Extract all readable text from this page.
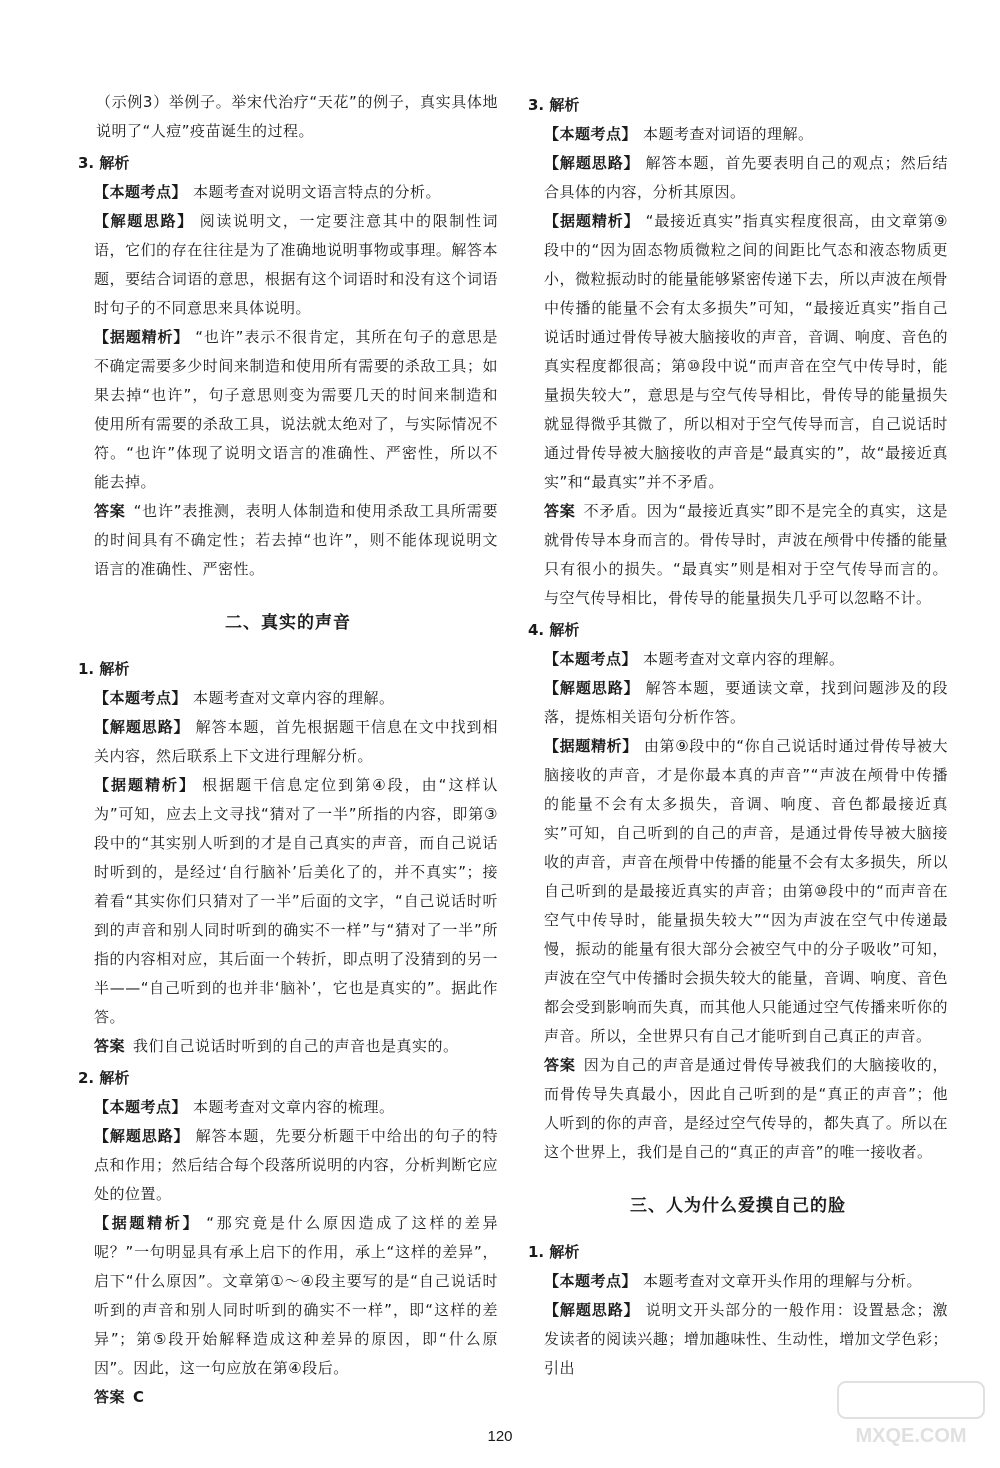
（示例3）举例子。举宋代治疗“天花”的例子，真实具体地说明了“人痘”疫苗诞生的过程。

3. 解析

【本题考点】 本题考查对说明文语言特点的分析。

【解题思路】 阅读说明文，一定要注意其中的限制性词语，它们的存在往往是为了准确地说明事物或事理。解答本题，要结合词语的意思，根据有这个词语时和没有这个词语时句子的不同意思来具体说明。

【据题精析】 “也许”表示不很肯定，其所在句子的意思是不确定需要多少时间来制造和使用所有需要的杀敌工具；如果去掉“也许”，句子意思则变为需要几天的时间来制造和使用所有需要的杀敌工具，说法就太绝对了，与实际情况不符。“也许”体现了说明文语言的准确性、严密性，所以不能去掉。

答案 “也许”表推测，表明人体制造和使用杀敌工具所需要的时间具有不确定性；若去掉“也许”，则不能体现说明文语言的准确性、严密性。

二、真实的声音
1. 解析

【本题考点】 本题考查对文章内容的理解。

【解题思路】 解答本题，首先根据题干信息在文中找到相关内容，然后联系上下文进行理解分析。

【据题精析】 根据题干信息定位到第④段，由“这样认为”可知，应去上文寻找“猜对了一半”所指的内容，即第③段中的“其实别人听到的才是自己真实的声音，而自己说话时听到的，是经过‘自行脑补’后美化了的，并不真实”；接着看“其实你们只猜对了一半”后面的文字，“自己说话时听到的声音和别人同时听到的确实不一样”与“猜对了一半”所指的内容相对应，其后面一个转折，即点明了没猜到的另一半——“自己听到的也并非‘脑补’，它也是真实的”。据此作答。

答案 我们自己说话时听到的自己的声音也是真实的。

2. 解析

【本题考点】 本题考查对文章内容的梳理。

【解题思路】 解答本题，先要分析题干中给出的句子的特点和作用；然后结合每个段落所说明的内容，分析判断它应处的位置。

【据题精析】 “那究竟是什么原因造成了这样的差异呢？”一句明显具有承上启下的作用，承上“这样的差异”，启下“什么原因”。文章第①～④段主要写的是“自己说话时听到的声音和别人同时听到的确实不一样”，即“这样的差异”；第⑤段开始解释造成这种差异的原因，即“什么原因”。因此，这一句应放在第④段后。

答案 C

3. 解析

【本题考点】 本题考查对词语的理解。

【解题思路】 解答本题，首先要表明自己的观点；然后结合具体的内容，分析其原因。

【据题精析】 “最接近真实”指真实程度很高，由文章第⑨段中的“因为固态物质微粒之间的间距比气态和液态物质更小，微粒振动时的能量能够紧密传递下去，所以声波在颅骨中传播的能量不会有太多损失”可知，“最接近真实”指自己说话时通过骨传导被大脑接收的声音，音调、响度、音色的真实程度都很高；第⑩段中说“而声音在空气中传导时，能量损失较大”，意思是与空气传导相比，骨传导的能量损失就显得微乎其微了，所以相对于空气传导而言，自己说话时通过骨传导被大脑接收的声音是“最真实的”，故“最接近真实”和“最真实”并不矛盾。

答案 不矛盾。因为“最接近真实”即不是完全的真实，这是就骨传导本身而言的。骨传导时，声波在颅骨中传播的能量只有很小的损失。“最真实”则是相对于空气传导而言的。与空气传导相比，骨传导的能量损失几乎可以忽略不计。

4. 解析

【本题考点】 本题考查对文章内容的理解。

【解题思路】 解答本题，要通读文章，找到问题涉及的段落，提炼相关语句分析作答。

【据题精析】 由第⑨段中的“你自己说话时通过骨传导被大脑接收的声音，才是你最本真的声音”“声波在颅骨中传播的能量不会有太多损失，音调、响度、音色都最接近真实”可知，自己听到的自己的声音，是通过骨传导被大脑接收的声音，声音在颅骨中传播的能量不会有太多损失，所以自己听到的是最接近真实的声音；由第⑩段中的“而声音在空气中传导时，能量损失较大”“因为声波在空气中传递最慢，振动的能量有很大部分会被空气中的分子吸收”可知，声波在空气中传播时会损失较大的能量，音调、响度、音色都会受到影响而失真，而其他人只能通过空气传播来听你的声音。所以，全世界只有自己才能听到自己真正的声音。

答案 因为自己的声音是通过骨传导被我们的大脑接收的，而骨传导失真最小，因此自己听到的是“真正的声音”；他人听到的你的声音，是经过空气传导的，都失真了。所以在这个世界上，我们是自己的“真正的声音”的唯一接收者。

三、人为什么爱摸自己的脸
1. 解析

【本题考点】 本题考查对文章开头作用的理解与分析。

【解题思路】 说明文开头部分的一般作用：设置悬念；激发读者的阅读兴趣；增加趣味性、生动性，增加文学色彩；引出

120	MXQE.COM
